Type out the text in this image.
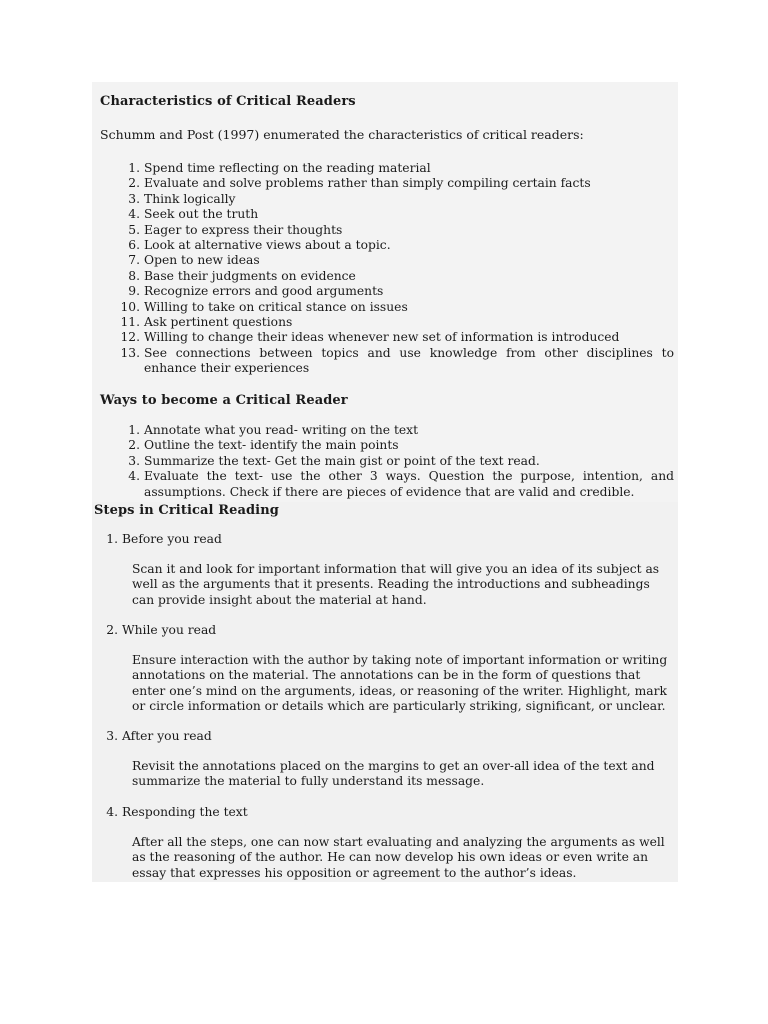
Characteristics of Critical Readers

Schumm and Post (1997) enumerated the characteristics of critical readers:

1. Spend time reflecting on the reading material
2. Evaluate and solve problems rather than simply compiling certain facts
3. Think logically
4. Seek out the truth
5. Eager to express their thoughts
6. Look at alternative views about a topic.
7. Open to new ideas
8. Base their judgments on evidence
9. Recognize errors and good arguments
10. Willing to take on critical stance on issues
11. Ask pertinent questions
12. Willing to change their ideas whenever new set of information is introduced
13. See connections between topics and use knowledge from other disciplines to enhance their experiences
Ways to become a Critical Reader
1. Annotate what you read- writing on the text
2. Outline the text- identify the main points
3. Summarize the text- Get the main gist or point of the text read.
4. Evaluate the text- use the other 3 ways. Question the purpose, intention, and assumptions. Check if there are pieces of evidence that are valid and credible.
Steps in Critical Reading
1. Before you read

Scan it and look for important information that will give you an idea of its subject as well as the arguments that it presents. Reading the introductions and subheadings can provide insight about the material at hand.

2. While you read

Ensure interaction with the author by taking note of important information or writing annotations on the material. The annotations can be in the form of questions that enter one’s mind on the arguments, ideas, or reasoning of the writer. Highlight, mark or circle information or details which are particularly striking, significant, or unclear.

3. After you read

Revisit the annotations placed on the margins to get an over-all idea of the text and summarize the material to fully understand its message.

4. Responding the text

After all the steps, one can now start evaluating and analyzing the arguments as well as the reasoning of the author. He can now develop his own ideas or even write an essay that expresses his opposition or agreement to the author’s ideas.
